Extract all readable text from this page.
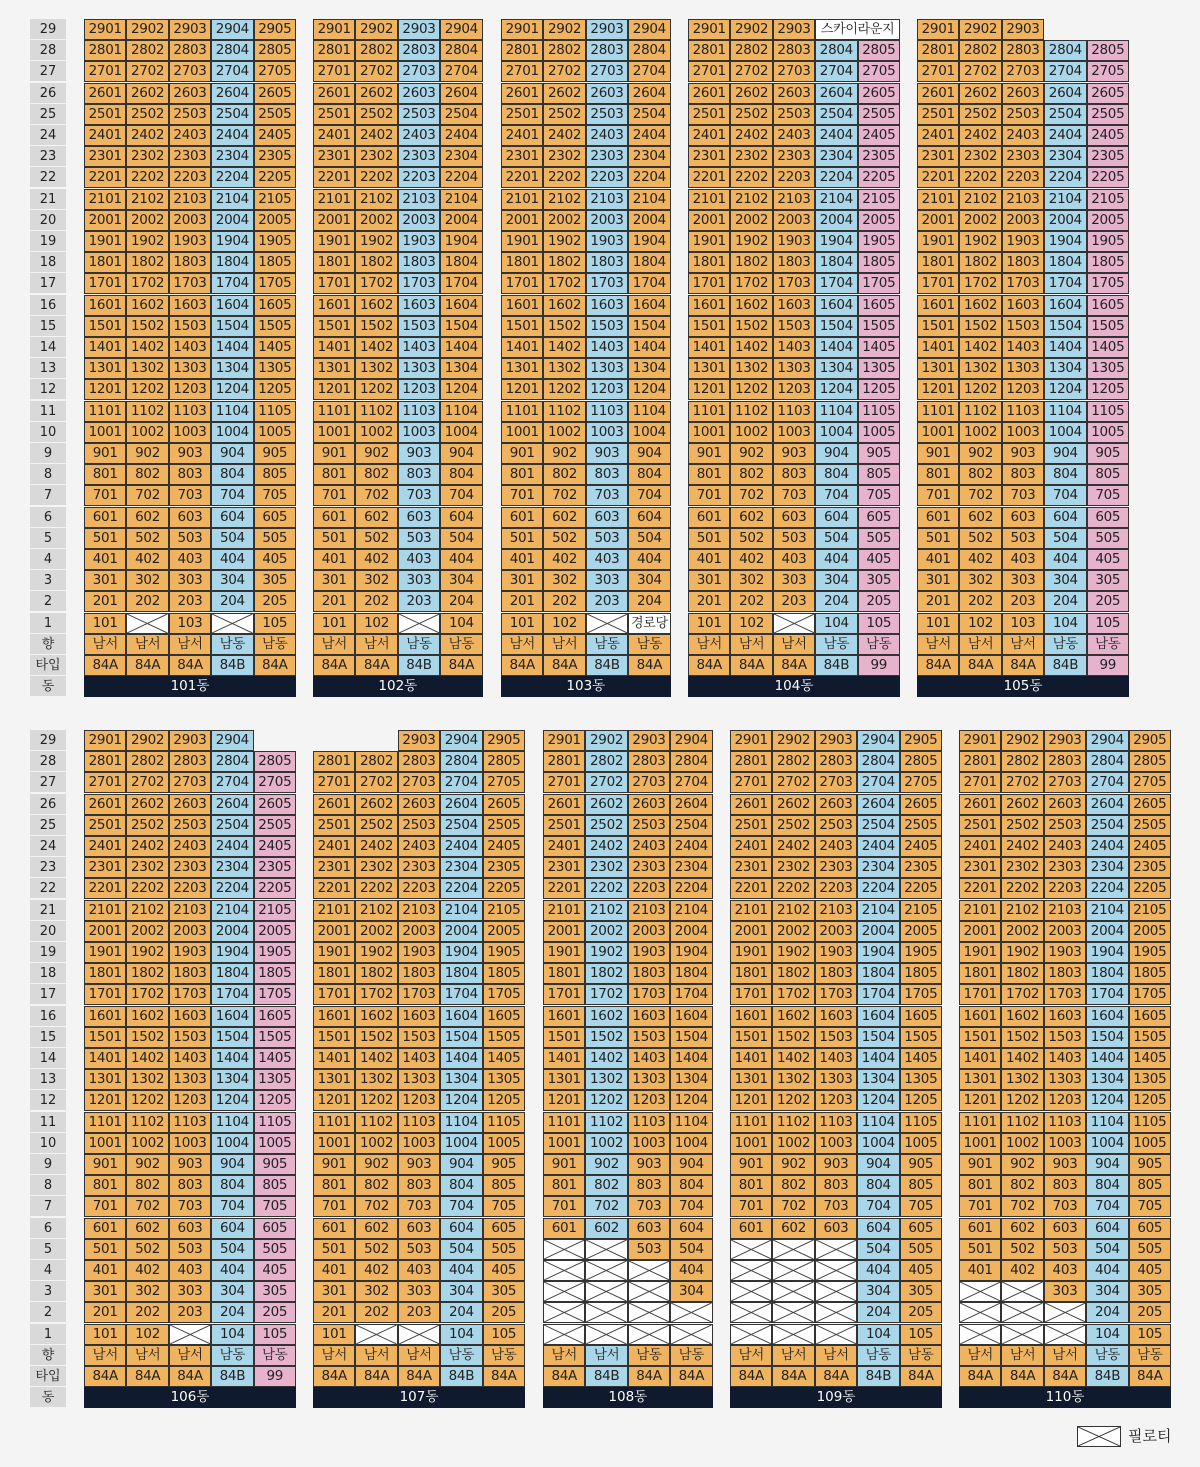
29
28
27
26
25
24
23
22
21
20
19
18
17
16
15
14
13
12
11
10
9
8
7
6
5
4
3
2
1
향
타입
동
29
28
27
26
25
24
23
22
21
20
19
18
17
16
15
14
13
12
11
10
9
8
7
6
5
4
3
2
1
향
타입
동
2901
2801
2701
2601
2501
2401
2301
2201
2101
2001
1901
1801
1701
1601
1501
1401
1301
1201
1101
1001
901
801
701
601
501
401
301
201
101
남서
84A
2902
2802
2702
2602
2502
2402
2302
2202
2102
2002
1902
1802
1702
1602
1502
1402
1302
1202
1102
1002
902
802
702
602
502
402
302
202
남서
84A
2903
2803
2703
2603
2503
2403
2303
2203
2103
2003
1903
1803
1703
1603
1503
1403
1303
1203
1103
1003
903
803
703
603
503
403
303
203
103
남서
84A
2904
2804
2704
2604
2504
2404
2304
2204
2104
2004
1904
1804
1704
1604
1504
1404
1304
1204
1104
1004
904
804
704
604
504
404
304
204
남동
84B
2905
2805
2705
2605
2505
2405
2305
2205
2105
2005
1905
1805
1705
1605
1505
1405
1305
1205
1105
1005
905
805
705
605
505
405
305
205
105
남동
84A
101동
2901
2801
2701
2601
2501
2401
2301
2201
2101
2001
1901
1801
1701
1601
1501
1401
1301
1201
1101
1001
901
801
701
601
501
401
301
201
101
남서
84A
2902
2802
2702
2602
2502
2402
2302
2202
2102
2002
1902
1802
1702
1602
1502
1402
1302
1202
1102
1002
902
802
702
602
502
402
302
202
102
남서
84A
2903
2803
2703
2603
2503
2403
2303
2203
2103
2003
1903
1803
1703
1603
1503
1403
1303
1203
1103
1003
903
803
703
603
503
403
303
203
남동
84B
2904
2804
2704
2604
2504
2404
2304
2204
2104
2004
1904
1804
1704
1604
1504
1404
1304
1204
1104
1004
904
804
704
604
504
404
304
204
104
남동
84A
102동
2901
2801
2701
2601
2501
2401
2301
2201
2101
2001
1901
1801
1701
1601
1501
1401
1301
1201
1101
1001
901
801
701
601
501
401
301
201
101
남서
84A
2902
2802
2702
2602
2502
2402
2302
2202
2102
2002
1902
1802
1702
1602
1502
1402
1302
1202
1102
1002
902
802
702
602
502
402
302
202
102
남서
84A
2903
2803
2703
2603
2503
2403
2303
2203
2103
2003
1903
1803
1703
1603
1503
1403
1303
1203
1103
1003
903
803
703
603
503
403
303
203
남동
84B
2904
2804
2704
2604
2504
2404
2304
2204
2104
2004
1904
1804
1704
1604
1504
1404
1304
1204
1104
1004
904
804
704
604
504
404
304
204
경로당
남동
84A
103동
2901
2801
2701
2601
2501
2401
2301
2201
2101
2001
1901
1801
1701
1601
1501
1401
1301
1201
1101
1001
901
801
701
601
501
401
301
201
101
남서
84A
2902
2802
2702
2602
2502
2402
2302
2202
2102
2002
1902
1802
1702
1602
1502
1402
1302
1202
1102
1002
902
802
702
602
502
402
302
202
102
남서
84A
2903
2803
2703
2603
2503
2403
2303
2203
2103
2003
1903
1803
1703
1603
1503
1403
1303
1203
1103
1003
903
803
703
603
503
403
303
203
남서
84A
스카이라운지
2804
2704
2604
2504
2404
2304
2204
2104
2004
1904
1804
1704
1604
1504
1404
1304
1204
1104
1004
904
804
704
604
504
404
304
204
104
남동
84B
2805
2705
2605
2505
2405
2305
2205
2105
2005
1905
1805
1705
1605
1505
1405
1305
1205
1105
1005
905
805
705
605
505
405
305
205
105
남동
99
104동
2901
2801
2701
2601
2501
2401
2301
2201
2101
2001
1901
1801
1701
1601
1501
1401
1301
1201
1101
1001
901
801
701
601
501
401
301
201
101
남서
84A
2902
2802
2702
2602
2502
2402
2302
2202
2102
2002
1902
1802
1702
1602
1502
1402
1302
1202
1102
1002
902
802
702
602
502
402
302
202
102
남서
84A
2903
2803
2703
2603
2503
2403
2303
2203
2103
2003
1903
1803
1703
1603
1503
1403
1303
1203
1103
1003
903
803
703
603
503
403
303
203
103
남서
84A
2804
2704
2604
2504
2404
2304
2204
2104
2004
1904
1804
1704
1604
1504
1404
1304
1204
1104
1004
904
804
704
604
504
404
304
204
104
남동
84B
2805
2705
2605
2505
2405
2305
2205
2105
2005
1905
1805
1705
1605
1505
1405
1305
1205
1105
1005
905
805
705
605
505
405
305
205
105
남동
99
105동
2901
2801
2701
2601
2501
2401
2301
2201
2101
2001
1901
1801
1701
1601
1501
1401
1301
1201
1101
1001
901
801
701
601
501
401
301
201
101
남서
84A
2902
2802
2702
2602
2502
2402
2302
2202
2102
2002
1902
1802
1702
1602
1502
1402
1302
1202
1102
1002
902
802
702
602
502
402
302
202
102
남서
84A
2903
2803
2703
2603
2503
2403
2303
2203
2103
2003
1903
1803
1703
1603
1503
1403
1303
1203
1103
1003
903
803
703
603
503
403
303
203
남서
84A
2904
2804
2704
2604
2504
2404
2304
2204
2104
2004
1904
1804
1704
1604
1504
1404
1304
1204
1104
1004
904
804
704
604
504
404
304
204
104
남동
84B
2805
2705
2605
2505
2405
2305
2205
2105
2005
1905
1805
1705
1605
1505
1405
1305
1205
1105
1005
905
805
705
605
505
405
305
205
105
남동
99
106동
2801
2701
2601
2501
2401
2301
2201
2101
2001
1901
1801
1701
1601
1501
1401
1301
1201
1101
1001
901
801
701
601
501
401
301
201
101
남서
84A
2802
2702
2602
2502
2402
2302
2202
2102
2002
1902
1802
1702
1602
1502
1402
1302
1202
1102
1002
902
802
702
602
502
402
302
202
남서
84A
2903
2803
2703
2603
2503
2403
2303
2203
2103
2003
1903
1803
1703
1603
1503
1403
1303
1203
1103
1003
903
803
703
603
503
403
303
203
남서
84A
2904
2804
2704
2604
2504
2404
2304
2204
2104
2004
1904
1804
1704
1604
1504
1404
1304
1204
1104
1004
904
804
704
604
504
404
304
204
104
남동
84B
2905
2805
2705
2605
2505
2405
2305
2205
2105
2005
1905
1805
1705
1605
1505
1405
1305
1205
1105
1005
905
805
705
605
505
405
305
205
105
남동
84A
107동
2901
2801
2701
2601
2501
2401
2301
2201
2101
2001
1901
1801
1701
1601
1501
1401
1301
1201
1101
1001
901
801
701
601
남서
84A
2902
2802
2702
2602
2502
2402
2302
2202
2102
2002
1902
1802
1702
1602
1502
1402
1302
1202
1102
1002
902
802
702
602
남서
84B
2903
2803
2703
2603
2503
2403
2303
2203
2103
2003
1903
1803
1703
1603
1503
1403
1303
1203
1103
1003
903
803
703
603
503
남동
84A
2904
2804
2704
2604
2504
2404
2304
2204
2104
2004
1904
1804
1704
1604
1504
1404
1304
1204
1104
1004
904
804
704
604
504
404
304
남동
84A
108동
2901
2801
2701
2601
2501
2401
2301
2201
2101
2001
1901
1801
1701
1601
1501
1401
1301
1201
1101
1001
901
801
701
601
남서
84A
2902
2802
2702
2602
2502
2402
2302
2202
2102
2002
1902
1802
1702
1602
1502
1402
1302
1202
1102
1002
902
802
702
602
남서
84A
2903
2803
2703
2603
2503
2403
2303
2203
2103
2003
1903
1803
1703
1603
1503
1403
1303
1203
1103
1003
903
803
703
603
남서
84A
2904
2804
2704
2604
2504
2404
2304
2204
2104
2004
1904
1804
1704
1604
1504
1404
1304
1204
1104
1004
904
804
704
604
504
404
304
204
104
남동
84B
2905
2805
2705
2605
2505
2405
2305
2205
2105
2005
1905
1805
1705
1605
1505
1405
1305
1205
1105
1005
905
805
705
605
505
405
305
205
105
남동
84A
109동
2901
2801
2701
2601
2501
2401
2301
2201
2101
2001
1901
1801
1701
1601
1501
1401
1301
1201
1101
1001
901
801
701
601
501
401
남서
84A
2902
2802
2702
2602
2502
2402
2302
2202
2102
2002
1902
1802
1702
1602
1502
1402
1302
1202
1102
1002
902
802
702
602
502
402
남서
84A
2903
2803
2703
2603
2503
2403
2303
2203
2103
2003
1903
1803
1703
1603
1503
1403
1303
1203
1103
1003
903
803
703
603
503
403
303
남서
84A
2904
2804
2704
2604
2504
2404
2304
2204
2104
2004
1904
1804
1704
1604
1504
1404
1304
1204
1104
1004
904
804
704
604
504
404
304
204
104
남동
84B
2905
2805
2705
2605
2505
2405
2305
2205
2105
2005
1905
1805
1705
1605
1505
1405
1305
1205
1105
1005
905
805
705
605
505
405
305
205
105
남동
84A
110동
필로티
